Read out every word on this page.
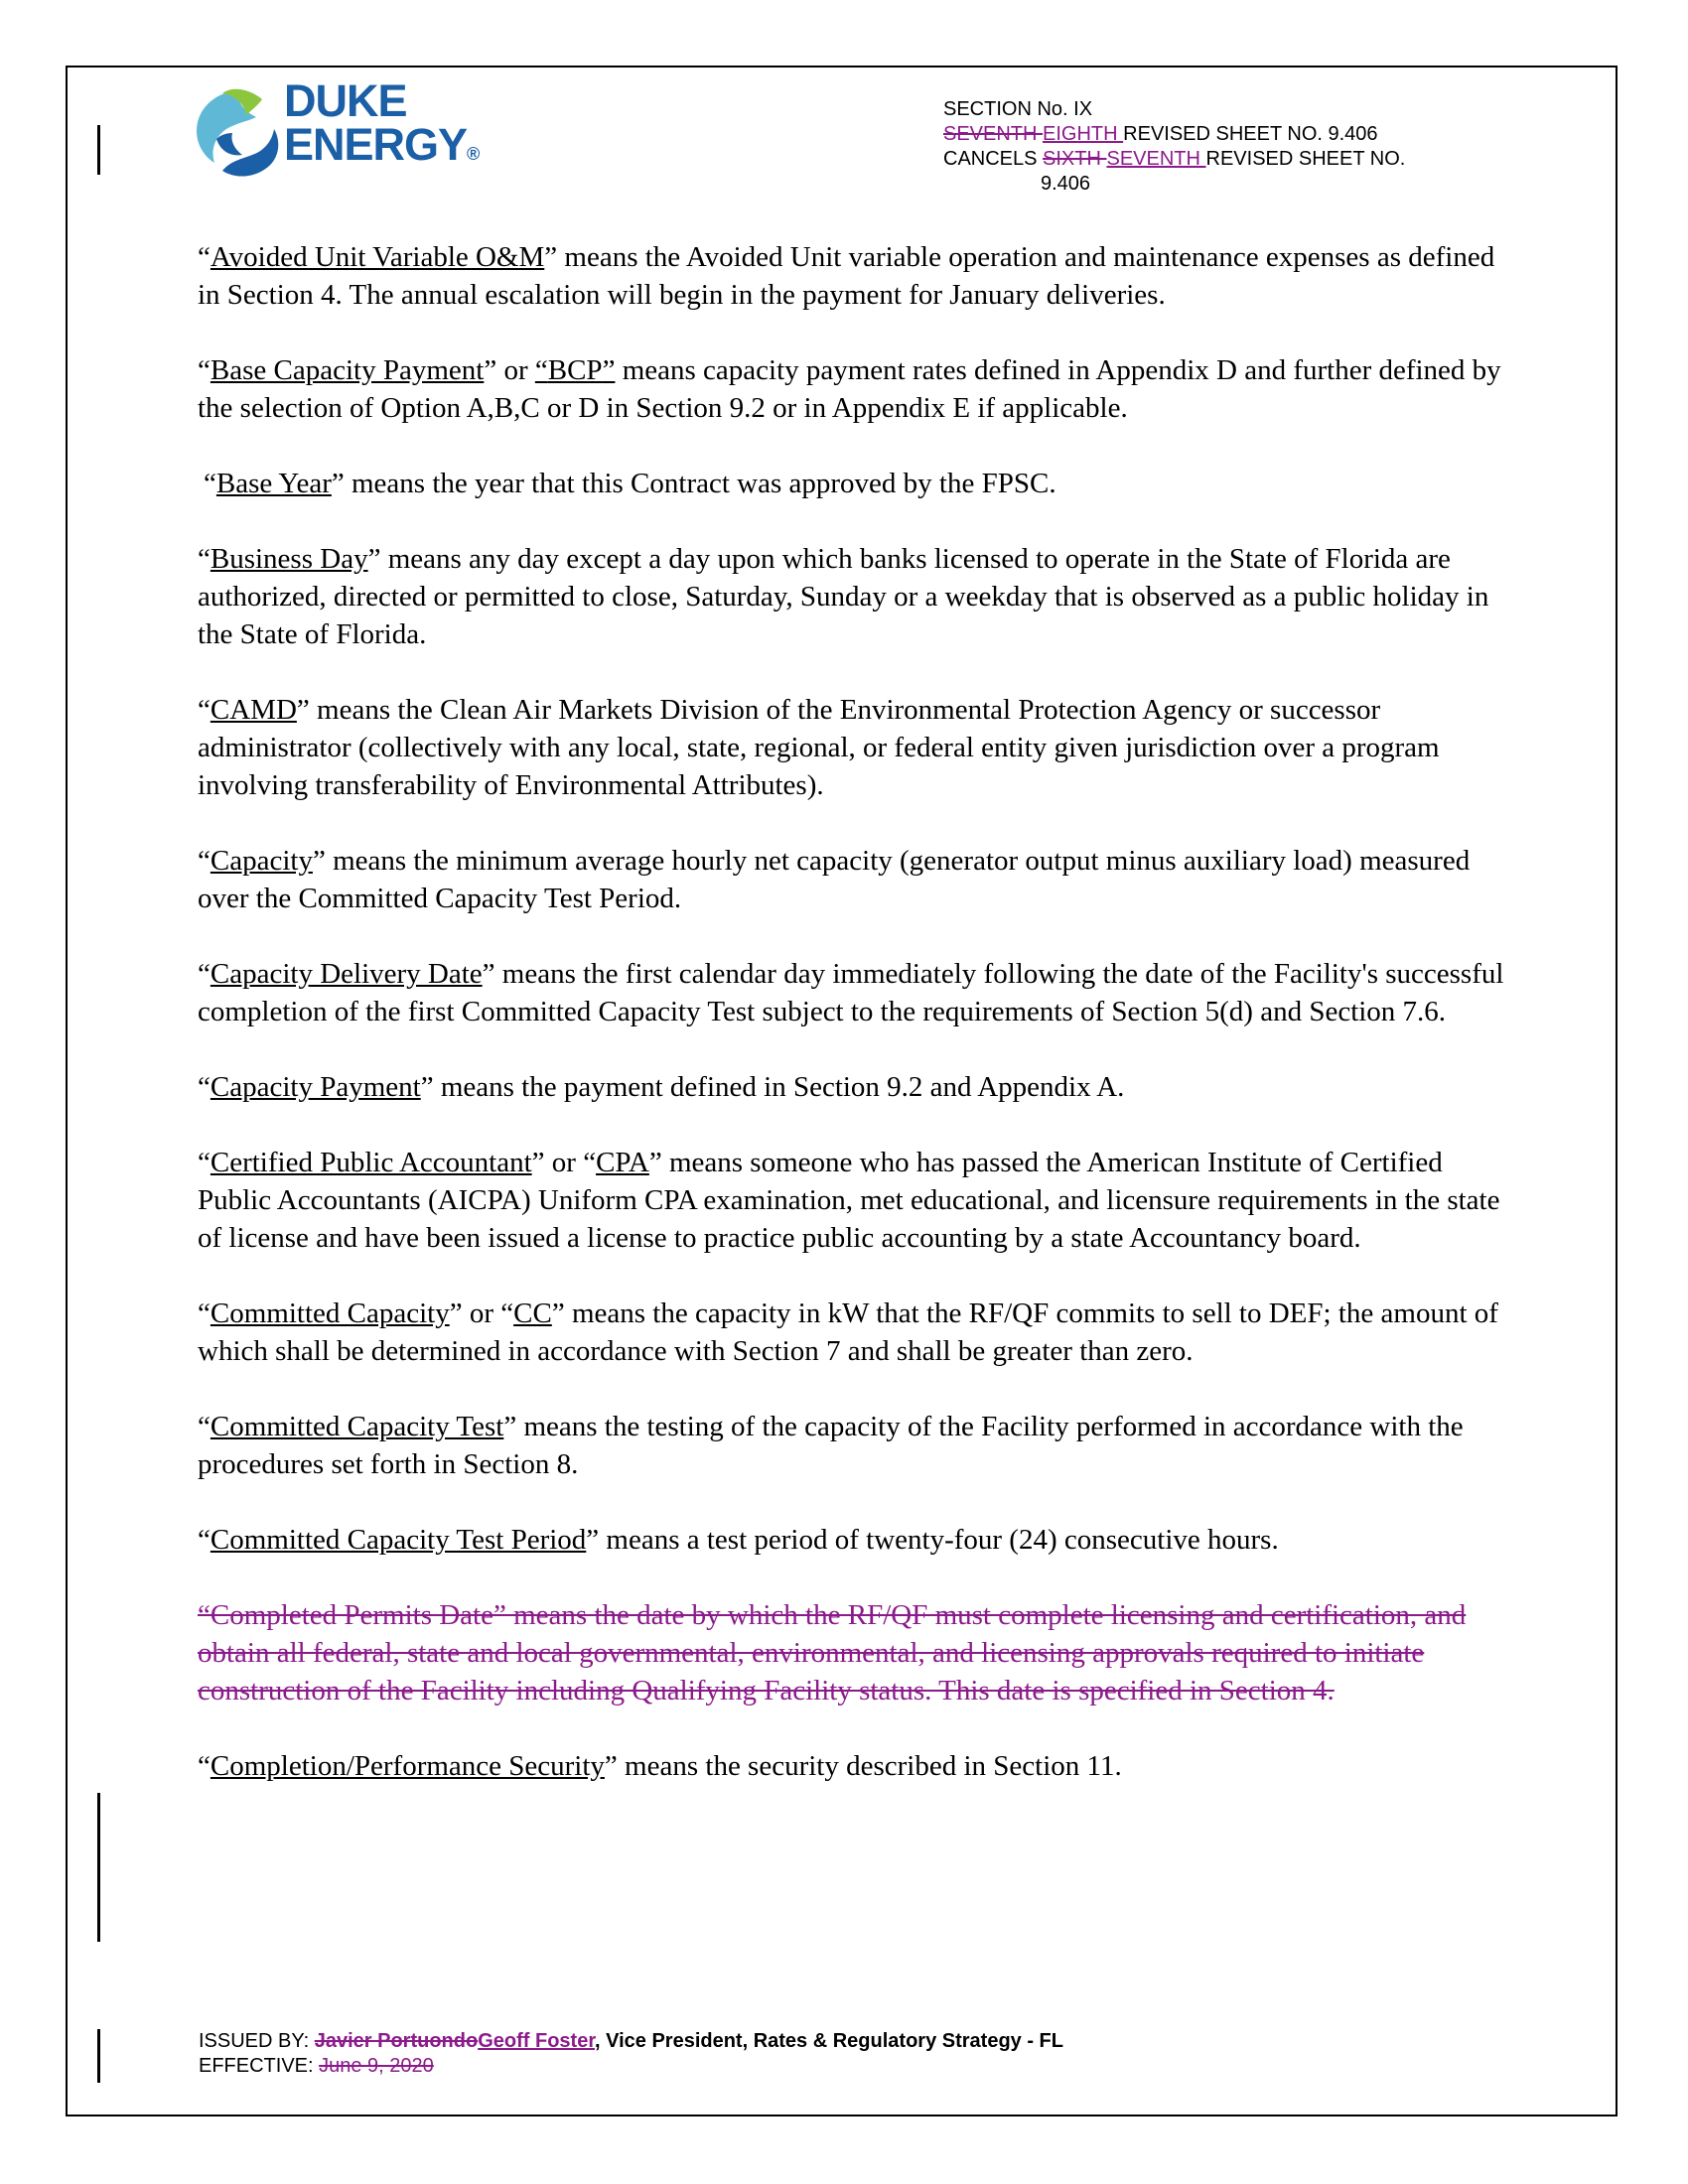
DUKE
ENERGY®
SECTION No. IX
SEVENTH EIGHTH REVISED SHEET NO. 9.406
CANCELS SIXTH SEVENTH REVISED SHEET NO.
9.406

“Avoided Unit Variable O&M” means the Avoided Unit variable operation and maintenance expenses as defined in Section 4. The annual escalation will begin in the payment for January deliveries.

“Base Capacity Payment” or “BCP” means capacity payment rates defined in Appendix D and further defined by the selection of Option A,B,C or D in Section 9.2 or in Appendix E if applicable.

“Base Year” means the year that this Contract was approved by the FPSC.

“Business Day” means any day except a day upon which banks licensed to operate in the State of Florida are authorized, directed or permitted to close, Saturday, Sunday or a weekday that is observed as a public holiday in the State of Florida.

“CAMD” means the Clean Air Markets Division of the Environmental Protection Agency or successor administrator (collectively with any local, state, regional, or federal entity given jurisdiction over a program involving transferability of Environmental Attributes).

“Capacity” means the minimum average hourly net capacity (generator output minus auxiliary load) measured over the Committed Capacity Test Period.

“Capacity Delivery Date” means the first calendar day immediately following the date of the Facility's successful completion of the first Committed Capacity Test subject to the requirements of Section 5(d) and Section 7.6.

“Capacity Payment” means the payment defined in Section 9.2 and Appendix A.

“Certified Public Accountant” or “CPA” means someone who has passed the American Institute of Certified Public Accountants (AICPA) Uniform CPA examination, met educational, and licensure requirements in the state of license and have been issued a license to practice public accounting by a state Accountancy board.

“Committed Capacity” or “CC” means the capacity in kW that the RF/QF commits to sell to DEF; the amount of which shall be determined in accordance with Section 7 and shall be greater than zero.

“Committed Capacity Test” means the testing of the capacity of the Facility performed in accordance with the procedures set forth in Section 8.

“Committed Capacity Test Period” means a test period of twenty-four (24) consecutive hours.

“Completed Permits Date” means the date by which the RF/QF must complete licensing and certification, and obtain all federal, state and local governmental, environmental, and licensing approvals required to initiate construction of the Facility including Qualifying Facility status. This date is specified in Section 4.

“Completion/Performance Security” means the security described in Section 11.

ISSUED BY: Javier PortuondoGeoff Foster, Vice President, Rates & Regulatory Strategy - FL
EFFECTIVE: June 9, 2020
